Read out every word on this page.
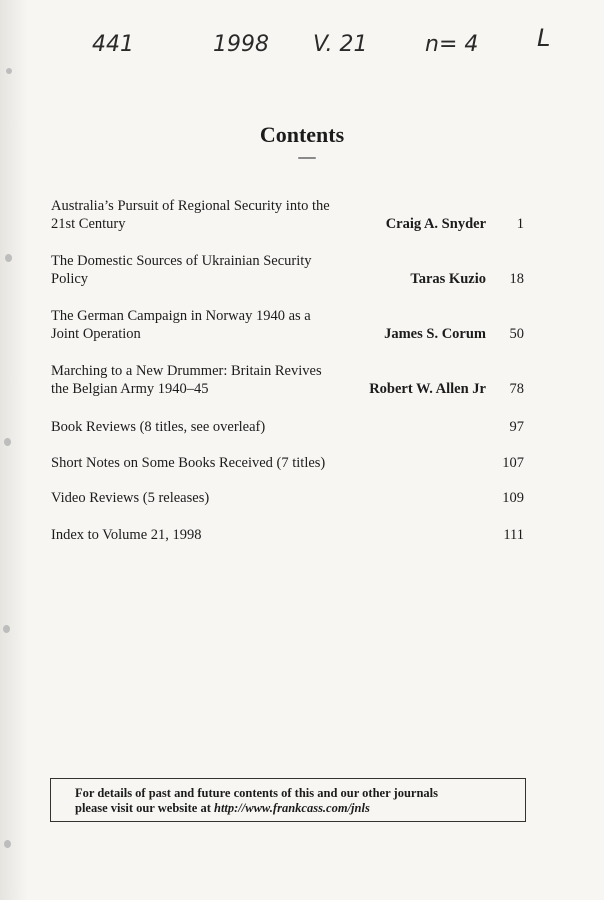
441	1998 V. 21	n= 4 L
Contents
Australia’s Pursuit of Regional Security into the 21st Century	Craig A. Snyder 1
The Domestic Sources of Ukrainian Security Policy	Taras Kuzio 18
The German Campaign in Norway 1940 as a Joint Operation	James S. Corum 50
Marching to a New Drummer: Britain Revives the Belgian Army 1940–45	Robert W. Allen Jr 78
Book Reviews (8 titles, see overleaf)	97
Short Notes on Some Books Received (7 titles)	107
Video Reviews (5 releases)	109
Index to Volume 21, 1998	111
For details of past and future contents of this and our other journals
please visit our website at http://www.frankcass.com/jnls
